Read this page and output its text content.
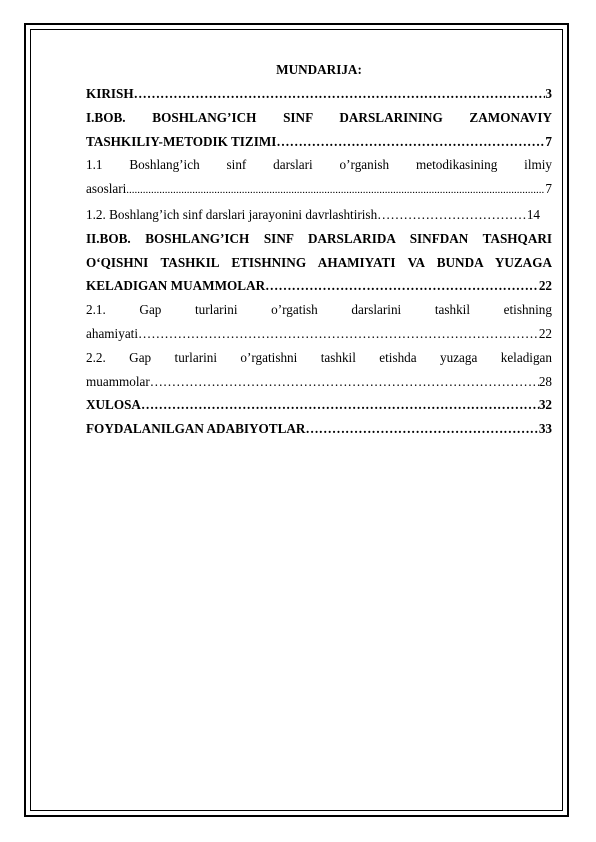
MUNDARIJA:

KIRISH ……………………………………………………………………………………………………………………………………………………………………………………………	3
I.BOB. BOSHLANG’ICH SINF DARSLARINING ZAMONAVIY
TASHKILIY-METODIK TIZIMI ……………………………………………………………………………………………………………………………………………………………………………………………	7
1.1 Boshlang’ich sinf darslari o’rganish metodikasining ilmiy
asoslari .....	7
1.2. Boshlang’ich sinf darslari jarayonini davrlashtirish ……………………………………………………………………………………………………………………………………………………………………………………………	14
II.BOB. BOSHLANG’ICH SINF DARSLARIDA SINFDAN TASHQARI
O‘QISHNI TASHKIL ETISHNING AHAMIYATI VA BUNDA YUZAGA
KELADIGAN MUAMMOLAR ……………………………………………………………………………………………………………………………………………………………………………………………	22
2.1. Gap turlarini o’rgatish darslarini tashkil etishning
ahamiyati ……………………………………………………………………………………………………………………………………………………………………………………………	22
2.2. Gap turlarini o’rgatishni tashkil etishda yuzaga keladigan
muammolar ……………………………………………………………………………………………………………………………………………………………………………………………	28
XULOSA ……………………………………………………………………………………………………………………………………………………………………………………………	32
FOYDALANILGAN ADABIYOTLAR ……………………………………………………………………………………………………………………………………………………………………………………………	33
